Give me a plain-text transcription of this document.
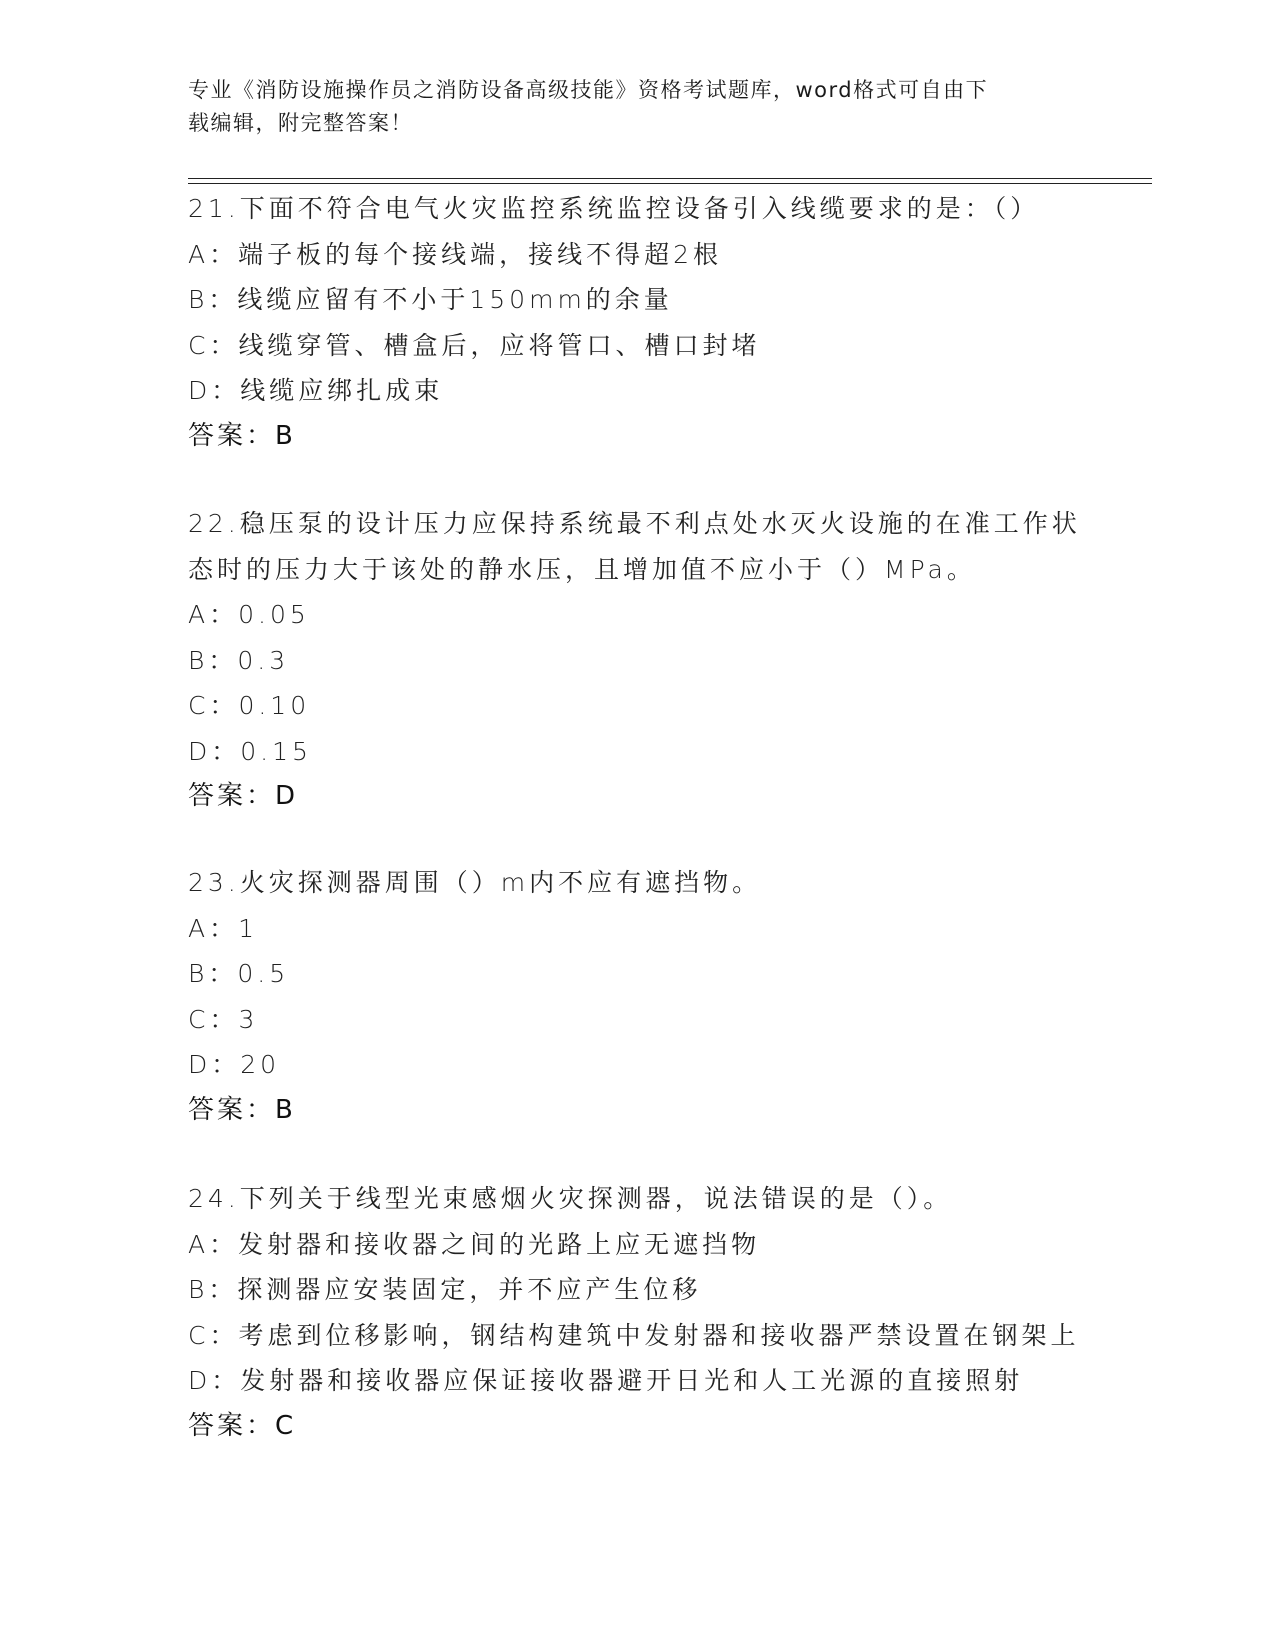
专业《消防设施操作员之消防设备高级技能》资格考试题库，word格式可自由下
载编辑，附完整答案！
21.下面不符合电气火灾监控系统监控设备引入线缆要求的是：（）
A：端子板的每个接线端，接线不得超2根
B：线缆应留有不小于150mm的余量
C：线缆穿管、槽盒后，应将管口、槽口封堵
D：线缆应绑扎成束
答案：B
22.稳压泵的设计压力应保持系统最不利点处水灭火设施的在准工作状
态时的压力大于该处的静水压，且增加值不应小于（）MPa。
A：0.05
B：0.3
C：0.10
D：0.15
答案：D
23.火灾探测器周围（）m内不应有遮挡物。
A：1
B：0.5
C：3
D：20
答案：B
24.下列关于线型光束感烟火灾探测器，说法错误的是（）。
A：发射器和接收器之间的光路上应无遮挡物
B：探测器应安装固定，并不应产生位移
C：考虑到位移影响，钢结构建筑中发射器和接收器严禁设置在钢架上
D：发射器和接收器应保证接收器避开日光和人工光源的直接照射
答案：C
